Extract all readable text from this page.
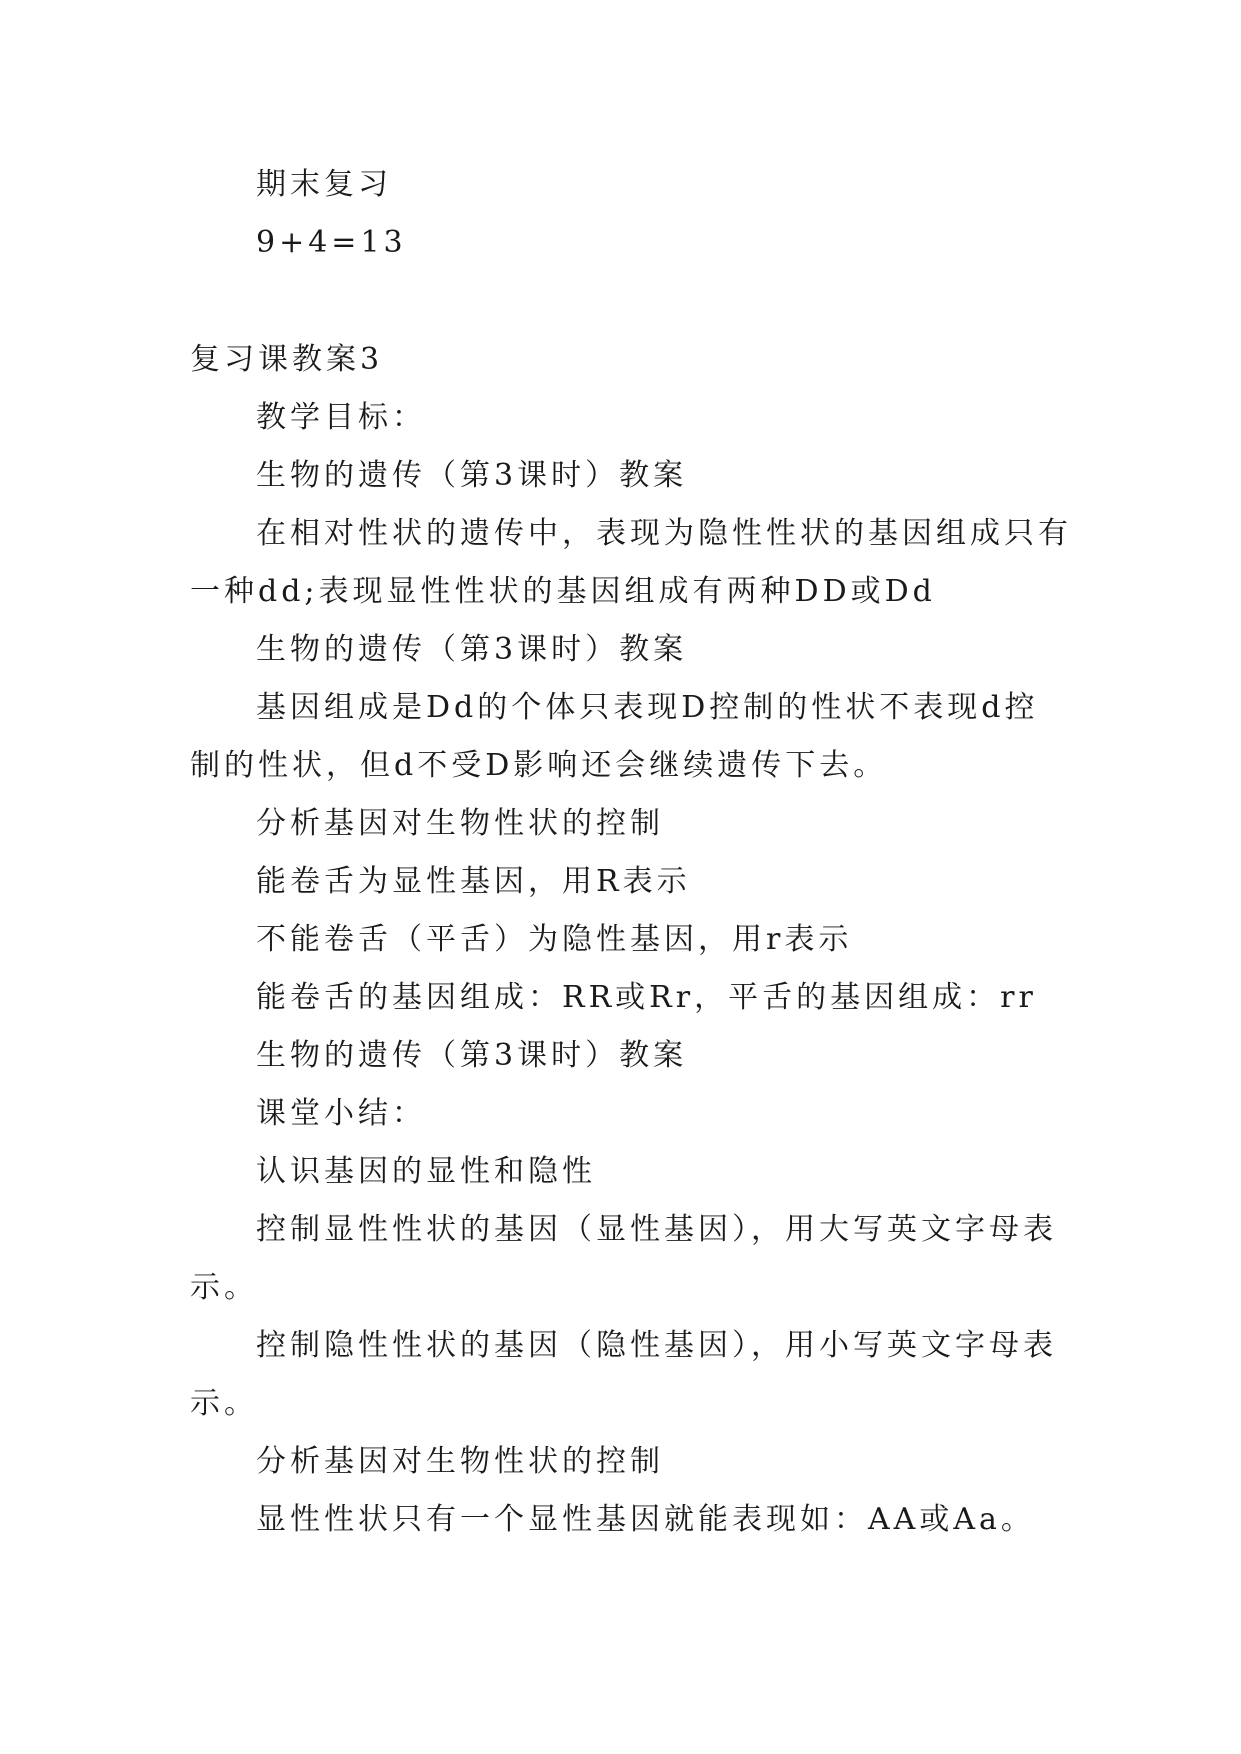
期末复习
9+4=13
复习课教案3
教学目标：
生物的遗传（第3课时）教案
在相对性状的遗传中，表现为隐性性状的基因组成只有
一种dd;表现显性性状的基因组成有两种DD或Dd
生物的遗传（第3课时）教案
基因组成是Dd的个体只表现D控制的性状不表现d控
制的性状，但d不受D影响还会继续遗传下去。
分析基因对生物性状的控制
能卷舌为显性基因，用R表示
不能卷舌（平舌）为隐性基因，用r表示
能卷舌的基因组成：RR或Rr，平舌的基因组成：rr
生物的遗传（第3课时）教案
课堂小结：
认识基因的显性和隐性
控制显性性状的基因（显性基因），用大写英文字母表
示。
控制隐性性状的基因（隐性基因），用小写英文字母表
示。
分析基因对生物性状的控制
显性性状只有一个显性基因就能表现如：AA或Aa。
